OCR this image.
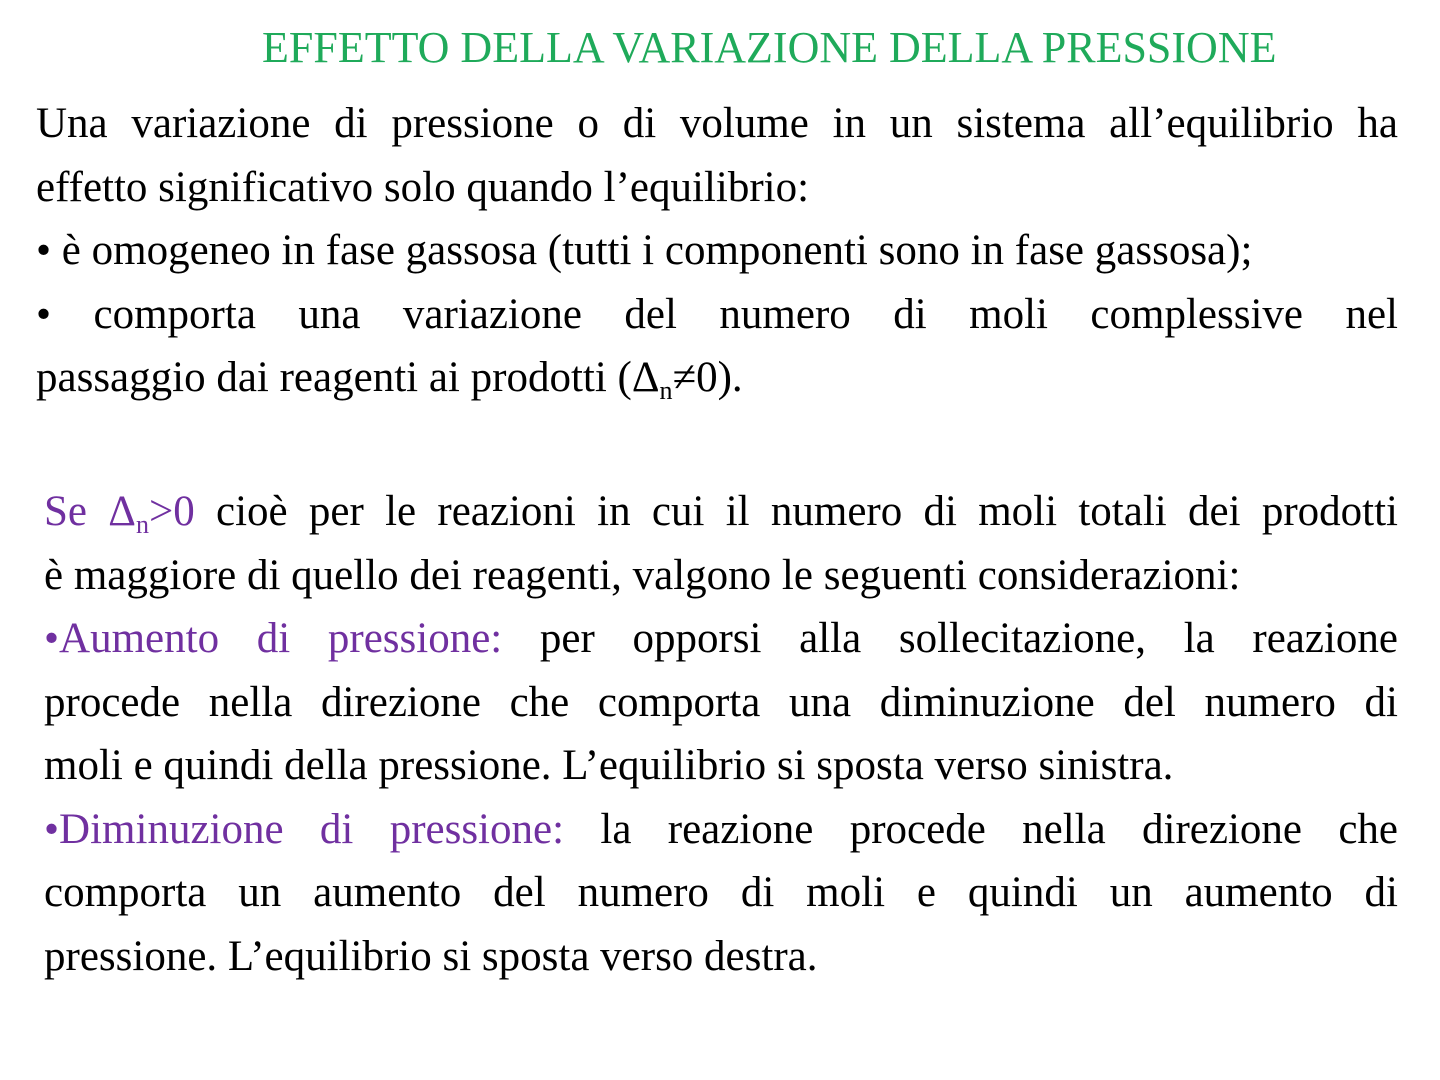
EFFETTO DELLA VARIAZIONE DELLA PRESSIONE
Una variazione di pressione o di volume in un sistema all’equilibrio ha
effetto significativo solo quando l’equilibrio:
• è omogeneo in fase gassosa (tutti i componenti sono in fase gassosa);
• comporta una variazione del numero di moli complessive nel
passaggio dai reagenti ai prodotti $(\Delta_n\ne 0)$.
Se $\Delta_n>0$ cioè per le reazioni in cui il numero di moli totali dei prodotti
è maggiore di quello dei reagenti, valgono le seguenti considerazioni:
•Aumento di pressione: per opporsi alla sollecitazione, la reazione
procede nella direzione che comporta una diminuzione del numero di
moli e quindi della pressione. L’equilibrio si sposta verso sinistra.
•Diminuzione di pressione: la reazione procede nella direzione che
comporta un aumento del numero di moli e quindi un aumento di
pressione. L’equilibrio si sposta verso destra.
